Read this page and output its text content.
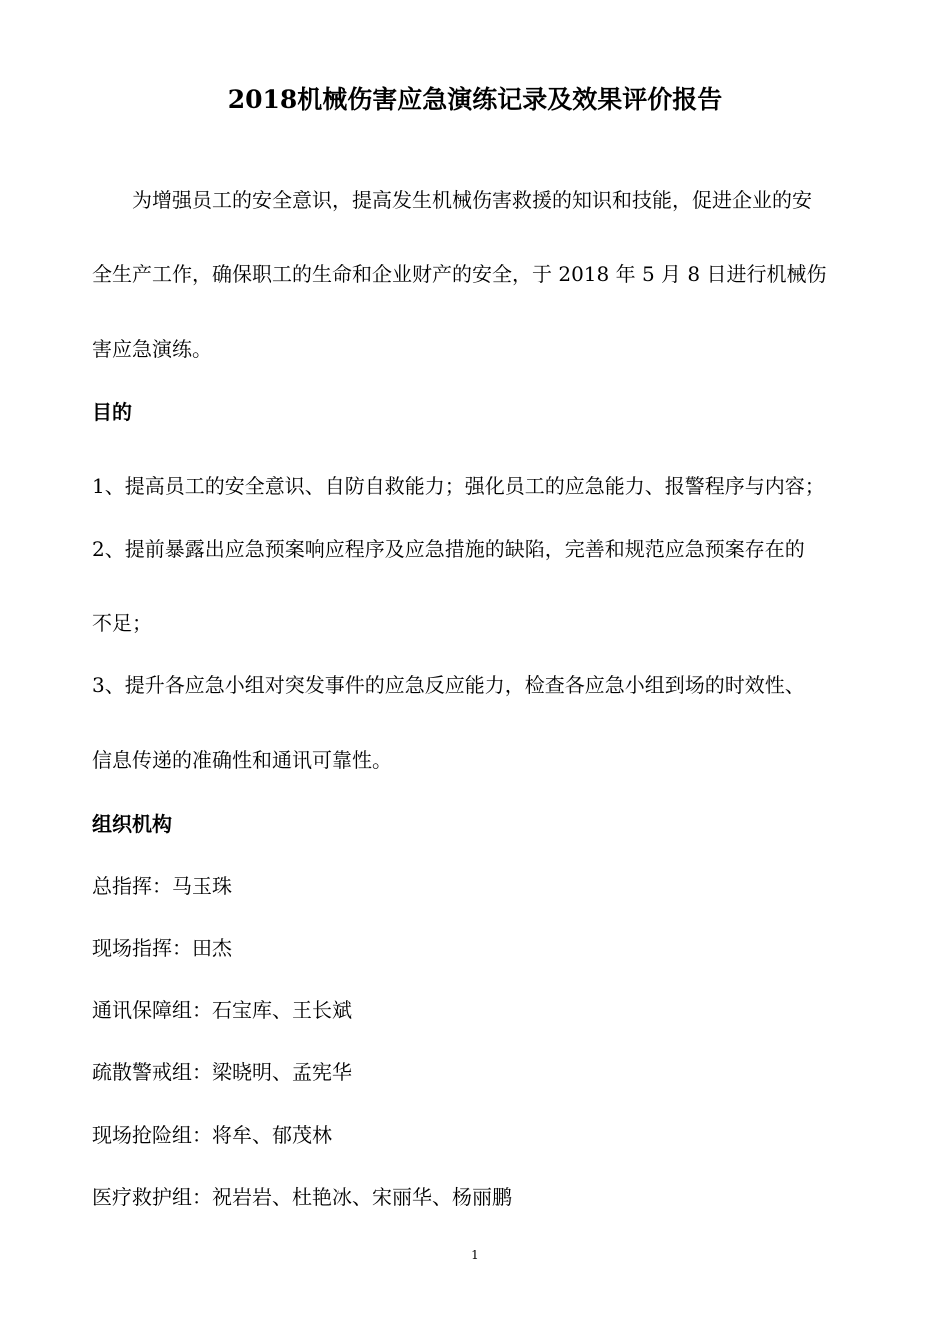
2018机械伤害应急演练记录及效果评价报告
为增强员工的安全意识，提高发生机械伤害救援的知识和技能，促进企业的安
全生产工作，确保职工的生命和企业财产的安全，于 2018 年 5 月 8 日进行机械伤
害应急演练。
目的
1、提高员工的安全意识、自防自救能力；强化员工的应急能力、报警程序与内容；
2、提前暴露出应急预案响应程序及应急措施的缺陷，完善和规范应急预案存在的
不足；
3、提升各应急小组对突发事件的应急反应能力，检查各应急小组到场的时效性、
信息传递的准确性和通讯可靠性。
组织机构
总指挥：马玉珠
现场指挥：田杰
通讯保障组：石宝库、王长斌
疏散警戒组：梁晓明、孟宪华
现场抢险组：将牟、郁茂林
医疗救护组：祝岩岩、杜艳冰、宋丽华、杨丽鹏
1
